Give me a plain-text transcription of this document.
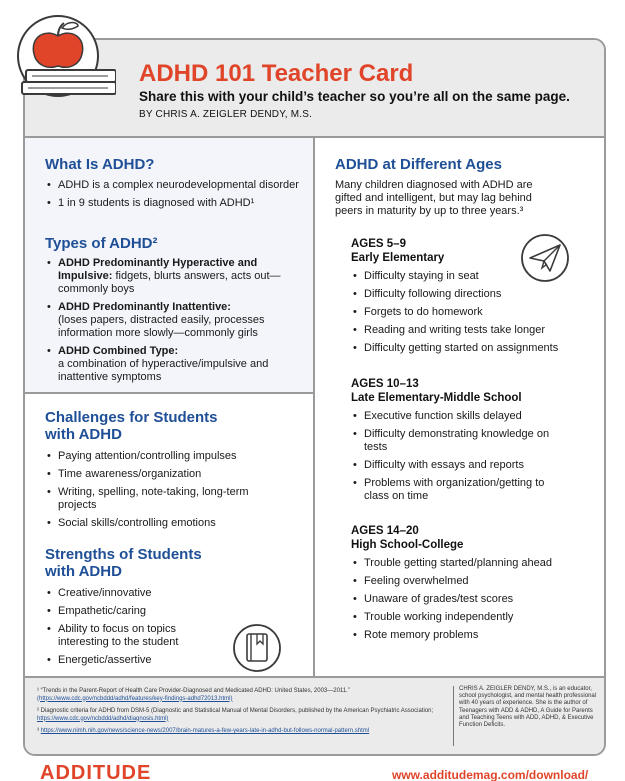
ADHD 101 Teacher Card
Share this with your child’s teacher so you’re all on the same page. BY CHRIS A. ZEIGLER DENDY, M.S.
What Is ADHD?
• ADHD is a complex neurodevelopmental disorder
• 1 in 9 students is diagnosed with ADHD¹
Types of ADHD²
• ADHD Predominantly Hyperactive and Impulsive: fidgets, blurts answers, acts out—commonly boys
• ADHD Predominantly Inattentive:
(loses papers, distracted easily, processes information more slowly—commonly girls
• ADHD Combined Type:
a combination of hyperactive/impulsive and inattentive symptoms
Challenges for Students
with ADHD
• Paying attention/controlling impulses
• Time awareness/organization
• Writing, spelling, note-taking, long-term projects
• Social skills/controlling emotions
Strengths of Students
with ADHD
• Creative/innovative
• Empathetic/caring
• Ability to focus on topics interesting to the student
• Energetic/assertive
ADHD at Different Ages

Many children diagnosed with ADHD are gifted and intelligent, but may lag behind peers in maturity by up to three years.³

AGES 5–9
Early Elementary
• Difficulty staying in seat
• Difficulty following directions
• Forgets to do homework
• Reading and writing tests take longer
• Difficulty getting started on assignments
AGES 10–13
Late Elementary-Middle School
• Executive function skills delayed
• Difficulty demonstrating knowledge on tests
• Difficulty with essays and reports
• Problems with organization/getting to class on time
AGES 14–20
High School-College
• Trouble getting started/planning ahead
• Feeling overwhelmed
• Unaware of grades/test scores
• Trouble working independently
• Rote memory problems
¹ “Trends in the Parent-Report of Health Care Provider-Diagnosed and Medicated ADHD: United States, 2003—2011.”
(https://www.cdc.gov/ncbddd/adhd/features/key-findings-adhd72013.html)
² Diagnostic criteria for ADHD from DSM-5 (Diagnostic and Statistical Manual of Mental Disorders, published by the American Psychiatric Association; https://www.cdc.gov/ncbddd/adhd/diagnosis.html)
³ https://www.nimh.nih.gov/news/science-news/2007/brain-matures-a-few-years-late-in-adhd-but-follows-normal-pattern.shtml
CHRIS A. ZEIGLER DENDY, M.S., is an educator, school psychologist, and mental health professional with 40 years of experience. She is the author of Teenagers with ADD & ADHD, A Guide for Parents and Teaching Teens with ADD, ADHD, & Executive Function Deficits.
ADDITUDE	www.additudemag.com/download/
